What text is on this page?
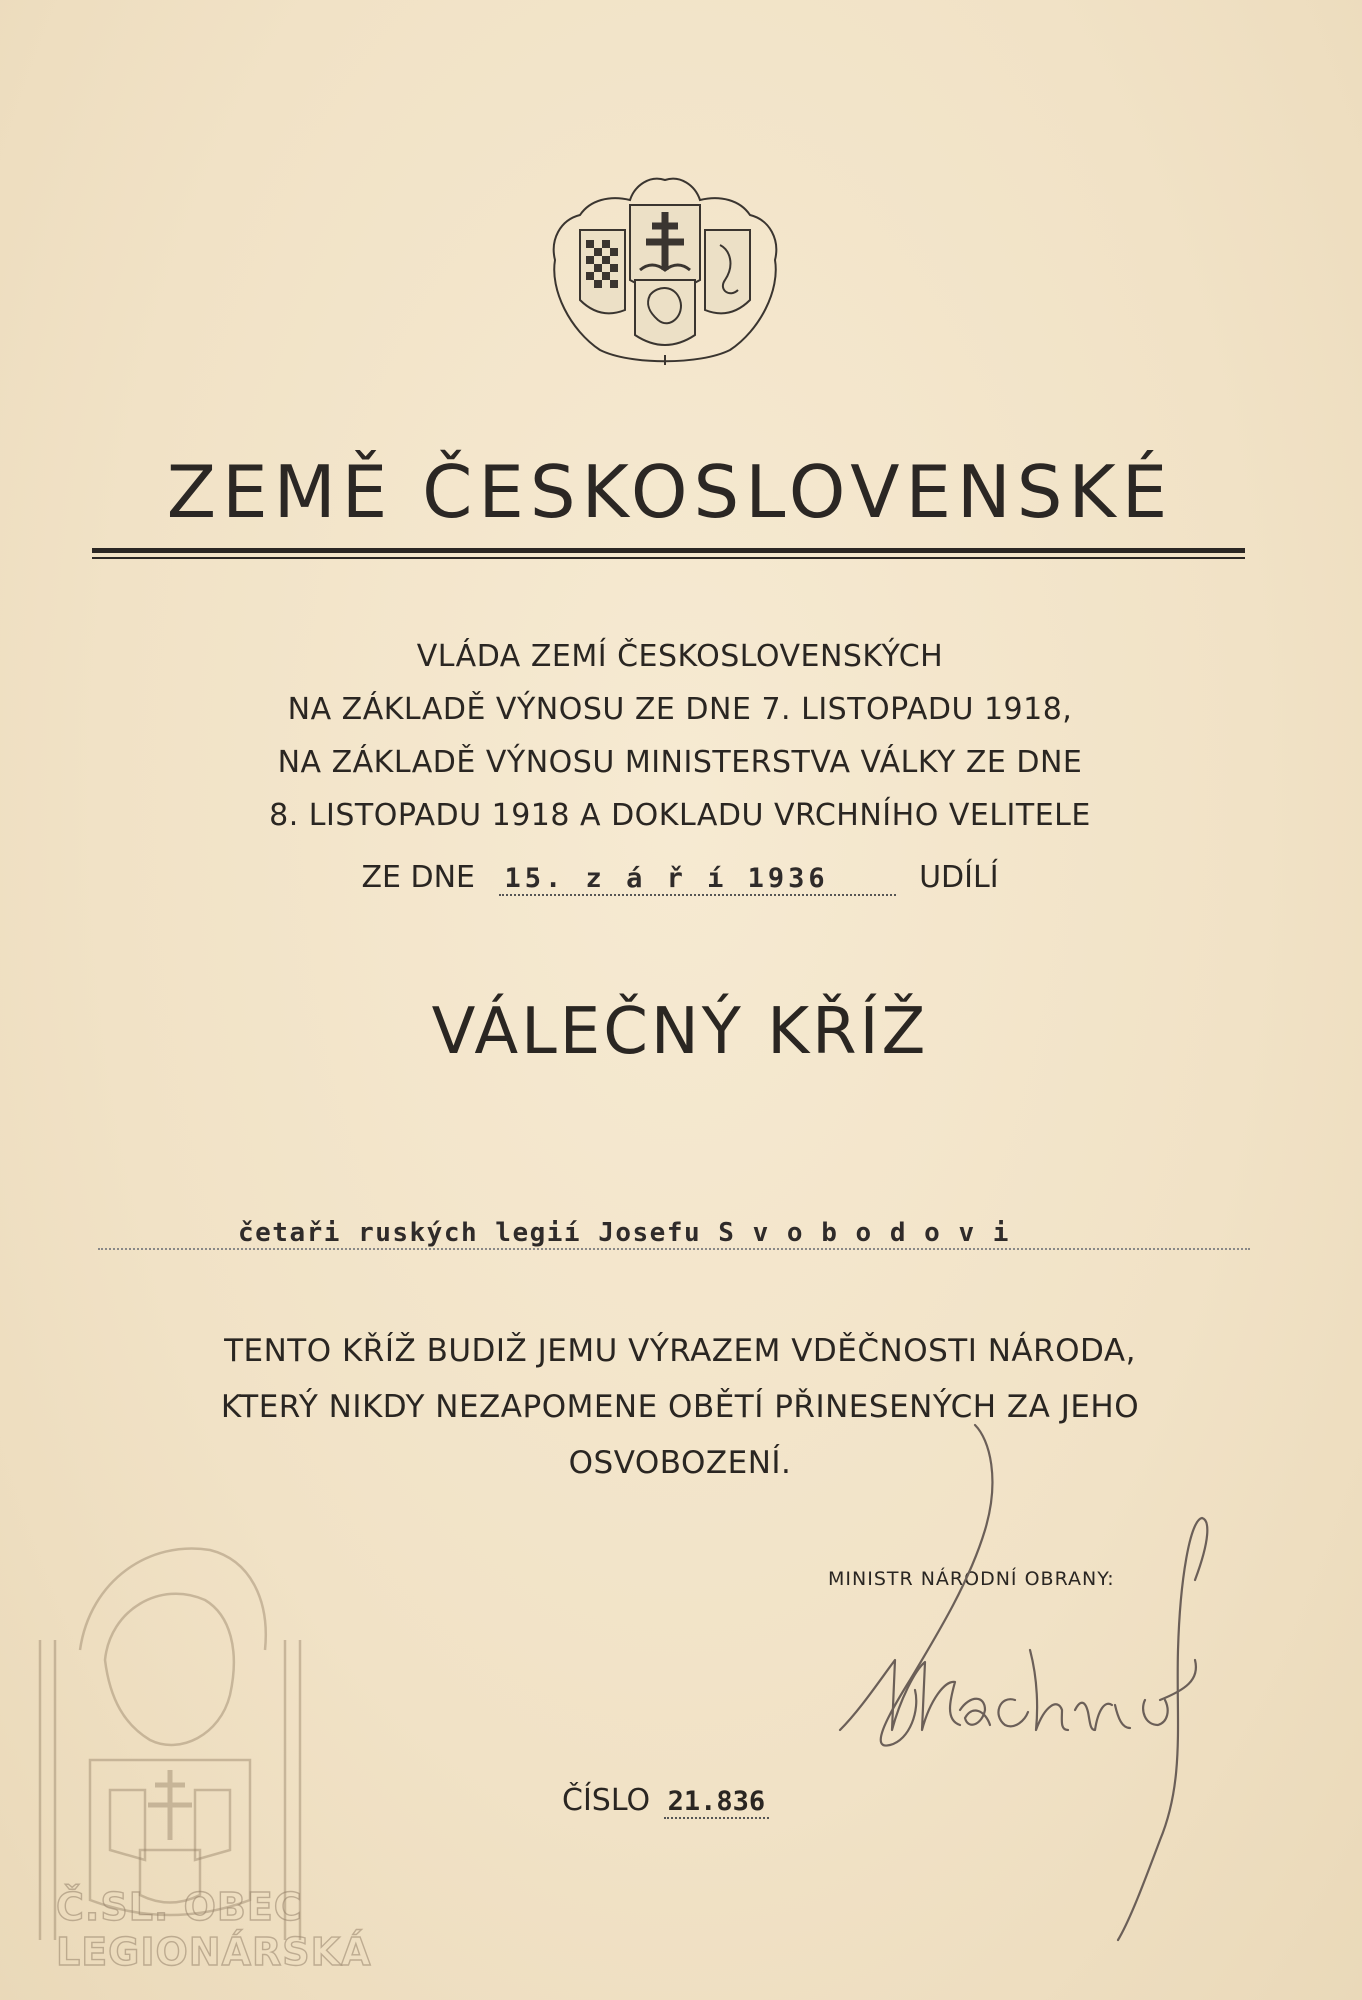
ZEMĚ ČESKOSLOVENSKÉ
VLÁDA ZEMÍ ČESKOSLOVENSKÝCH
NA ZÁKLADĚ VÝNOSU ZE DNE 7. LISTOPADU 1918,
NA ZÁKLADĚ VÝNOSU MINISTERSTVA VÁLKY ZE DNE
8. LISTOPADU 1918 A DOKLADU VRCHNÍHO VELITELE
ZE DNE 15. z á ř í 1936	UDÍLÍ
VÁLEČNÝ KŘÍŽ
četaři ruských legií Josefu S v o b o d o v i
TENTO KŘÍŽ BUDIŽ JEMU VÝRAZEM VDĚČNOSTI NÁRODA,
KTERÝ NIKDY NEZAPOMENE OBĚTÍ PŘINESENÝCH ZA JEHO
OSVOBOZENÍ.
MINISTR NÁRODNÍ OBRANY:
ČÍSLO 21.836
Č.SL. OBEC
LEGIONÁRSKÁ
